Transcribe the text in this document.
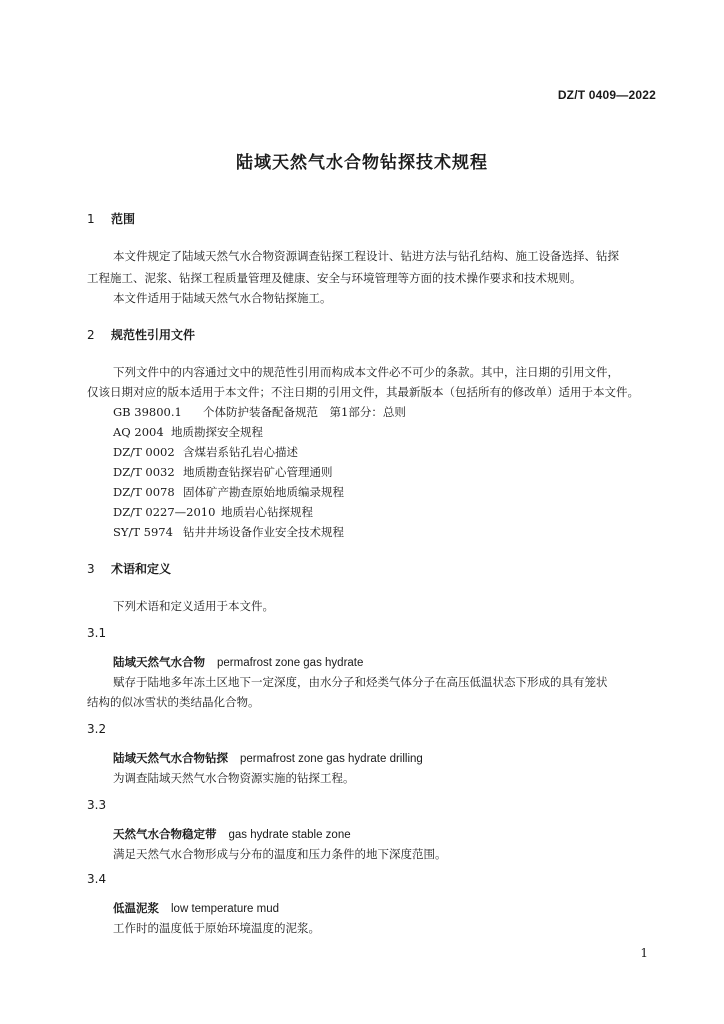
DZ/T 0409—2022
陆域天然气水合物钻探技术规程
1 范围
本文件规定了陆域天然气水合物资源调查钻探工程设计、钻进方法与钻孔结构、施工设备选择、钻探
工程施工、泥浆、钻探工程质量管理及健康、安全与环境管理等方面的技术操作要求和技术规则。
本文件适用于陆域天然气水合物钻探施工。
2 规范性引用文件
下列文件中的内容通过文中的规范性引用而构成本文件必不可少的条款。其中，注日期的引用文件，
仅该日期对应的版本适用于本文件；不注日期的引用文件，其最新版本（包括所有的修改单）适用于本文件。
GB 39800.1 个体防护装备配备规范　第1部分：总则
AQ 2004 地质勘探安全规程
DZ/T 0002 含煤岩系钻孔岩心描述
DZ/T 0032 地质勘查钻探岩矿心管理通则
DZ/T 0078 固体矿产勘查原始地质编录规程
DZ/T 0227—2010 地质岩心钻探规程
SY/T 5974 钻井井场设备作业安全技术规程
3 术语和定义
下列术语和定义适用于本文件。
3.1
陆域天然气水合物 permafrost zone gas hydrate
赋存于陆地多年冻土区地下一定深度，由水分子和烃类气体分子在高压低温状态下形成的具有笼状
结构的似冰雪状的类结晶化合物。
3.2
陆域天然气水合物钻探 permafrost zone gas hydrate drilling
为调查陆域天然气水合物资源实施的钻探工程。
3.3
天然气水合物稳定带 gas hydrate stable zone
满足天然气水合物形成与分布的温度和压力条件的地下深度范围。
3.4
低温泥浆 low temperature mud
工作时的温度低于原始环境温度的泥浆。
1
